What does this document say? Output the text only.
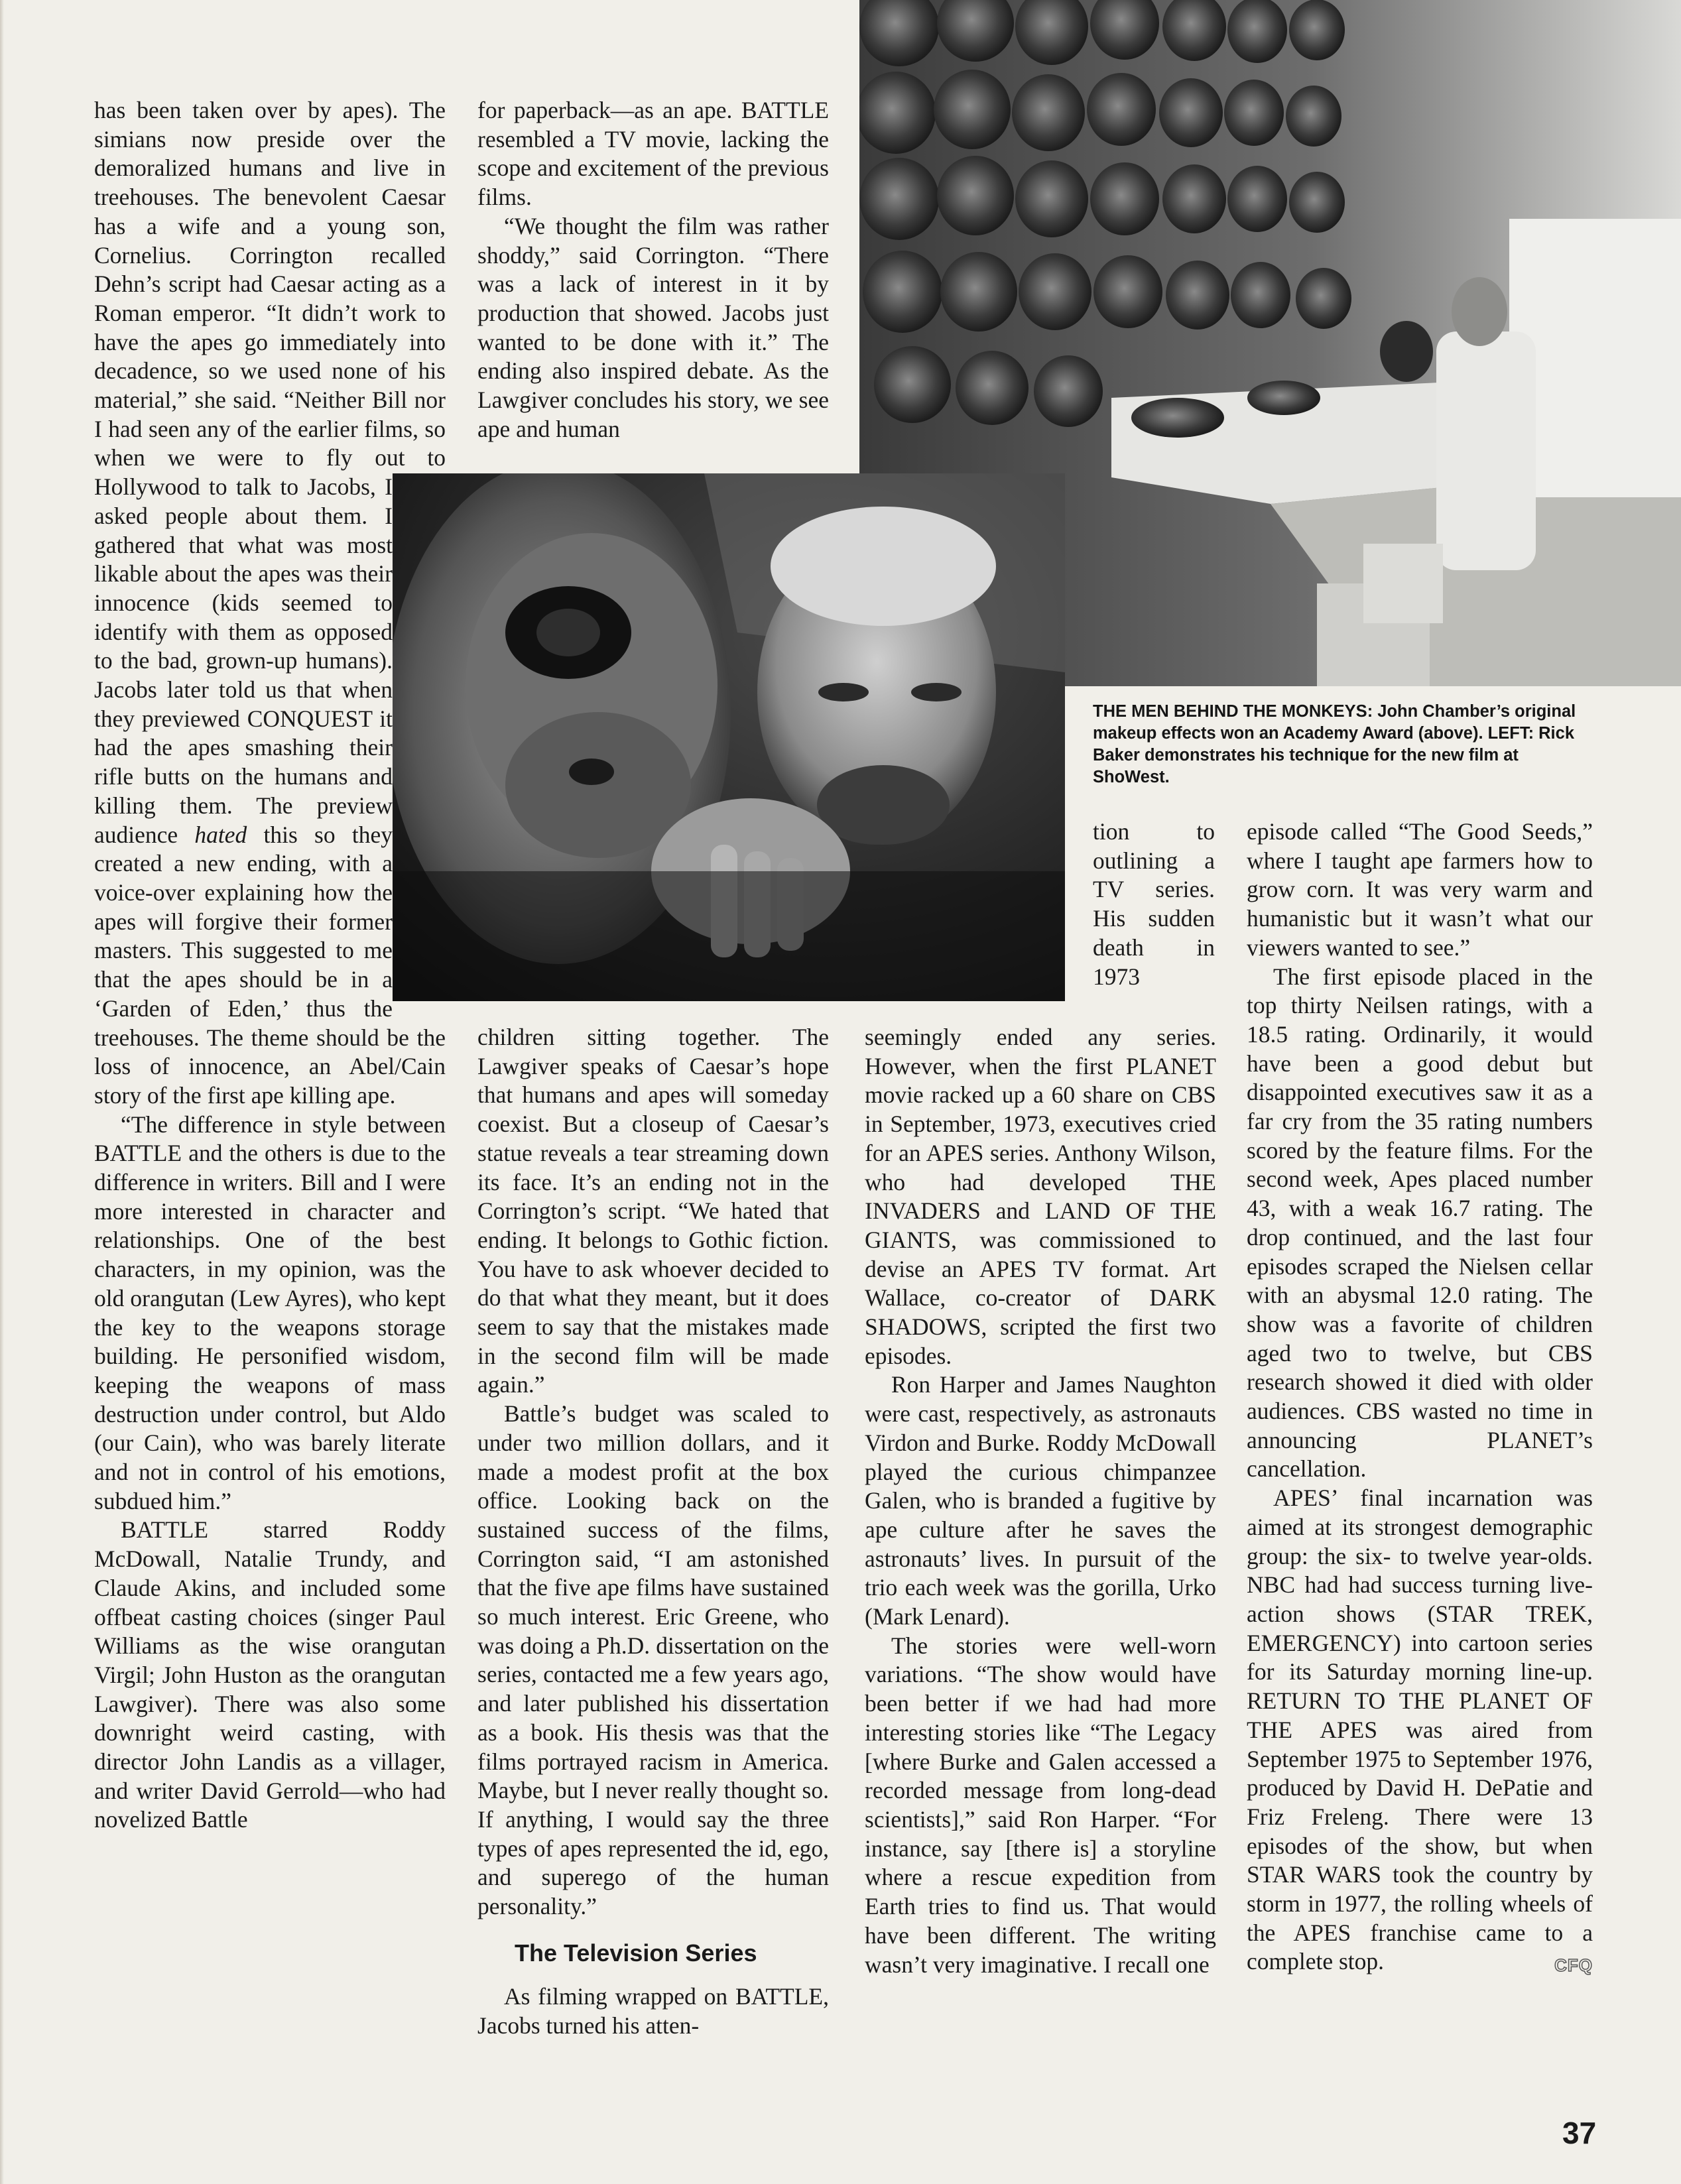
THE MEN BEHIND THE MONKEYS: John Chamber’s original makeup effects won an Academy Award (above). LEFT: Rick Baker demonstrates his technique for the new film at ShoWest.

has been taken over by apes). The simians now preside over the demoralized humans and live in treehouses. The benevolent Caesar has a wife and a young son, Cornelius. Corrington recalled Dehn’s script had Caesar acting as a Roman emperor. “It didn’t work to have the apes go immediately into decadence, so we used none of his material,” she said. “Neither Bill nor I had seen any of the earlier films, so when we were to fly out to Hollywood to talk to Jacobs, I asked people about them. I gathered that what was most likable about the apes was their innocence (kids seemed to identify with them as opposed to the bad, grown-up humans). Jacobs later told us that when they previewed CONQUEST it had the apes smashing their rifle butts on the humans and killing them. The preview audience hated this so they created a new ending, with a voice-over explaining how the apes will forgive their former masters. This suggested to me that the apes should be in a ‘Garden of Eden,’ thus the treehouses. The theme should be the loss of innocence, an Abel/Cain story of the first ape killing ape.

“The difference in style between BATTLE and the others is due to the difference in writers. Bill and I were more interested in character and relationships. One of the best characters, in my opinion, was the old orangutan (Lew Ayres), who kept the key to the weapons storage building. He personified wisdom, keeping the weapons of mass destruction under control, but Aldo (our Cain), who was barely literate and not in control of his emotions, subdued him.”

BATTLE starred Roddy McDowall, Natalie Trundy, and Claude Akins, and included some offbeat casting choices (singer Paul Williams as the wise orangutan Virgil; John Huston as the orangutan Lawgiver). There was also some downright weird casting, with director John Landis as a villager, and writer David Gerrold—who had novelized Battle

for paperback—as an ape. BATTLE resembled a TV movie, lacking the scope and excitement of the previous films.

“We thought the film was rather shoddy,” said Corrington. “There was a lack of interest in it by production that showed. Jacobs just wanted to be done with it.” The ending also inspired debate. As the Lawgiver concludes his story, we see ape and human

children sitting together. The Lawgiver speaks of Caesar’s hope that humans and apes will someday coexist. But a closeup of Caesar’s statue reveals a tear streaming down its face. It’s an ending not in the Corrington’s script. “We hated that ending. It belongs to Gothic fiction. You have to ask whoever decided to do that what they meant, but it does seem to say that the mistakes made in the second film will be made again.”

Battle’s budget was scaled to under two million dollars, and it made a modest profit at the box office. Looking back on the sustained success of the films, Corrington said, “I am astonished that the five ape films have sustained so much interest. Eric Greene, who was doing a Ph.D. dissertation on the series, contacted me a few years ago, and later published his dissertation as a book. His thesis was that the films portrayed racism in America. Maybe, but I never really thought so. If anything, I would say the three types of apes represented the id, ego, and superego of the human personality.”

The Television Series

As filming wrapped on BATTLE, Jacobs turned his atten-

tion to outlining a TV series. His sudden death in 1973

seemingly ended any series. However, when the first PLANET movie racked up a 60 share on CBS in September, 1973, executives cried for an APES series. Anthony Wilson, who had developed THE INVADERS and LAND OF THE GIANTS, was commissioned to devise an APES TV format. Art Wallace, co-creator of DARK SHADOWS, scripted the first two episodes.

Ron Harper and James Naughton were cast, respectively, as astronauts Virdon and Burke. Roddy McDowall played the curious chimpanzee Galen, who is branded a fugitive by ape culture after he saves the astronauts’ lives. In pursuit of the trio each week was the gorilla, Urko (Mark Lenard).

The stories were well-worn variations. “The show would have been better if we had had more interesting stories like “The Legacy [where Burke and Galen accessed a recorded message from long-dead scientists],” said Ron Harper. “For instance, say [there is] a storyline where a rescue expedition from Earth tries to find us. That would have been different. The writing wasn’t very imaginative. I recall one

episode called “The Good Seeds,” where I taught ape farmers how to grow corn. It was very warm and humanistic but it wasn’t what our viewers wanted to see.”

The first episode placed in the top thirty Neilsen ratings, with a 18.5 rating. Ordinarily, it would have been a good debut but disappointed executives saw it as a far cry from the 35 rating numbers scored by the feature films. For the second week, Apes placed number 43, with a weak 16.7 rating. The drop continued, and the last four episodes scraped the Nielsen cellar with an abysmal 12.0 rating. The show was a favorite of children aged two to twelve, but CBS research showed it died with older audiences. CBS wasted no time in announcing PLANET’s cancellation.

APES’ final incarnation was aimed at its strongest demographic group: the six- to twelve year-olds. NBC had had success turning live-action shows (STAR TREK, EMERGENCY) into cartoon series for its Saturday morning line-up. RETURN TO THE PLANET OF THE APES was aired from September 1975 to September 1976, produced by David H. DePatie and Friz Freleng. There were 13 episodes of the show, but when STAR WARS took the country by storm in 1977, the rolling wheels of the APES franchise came to a complete stop.	CFQ

37
